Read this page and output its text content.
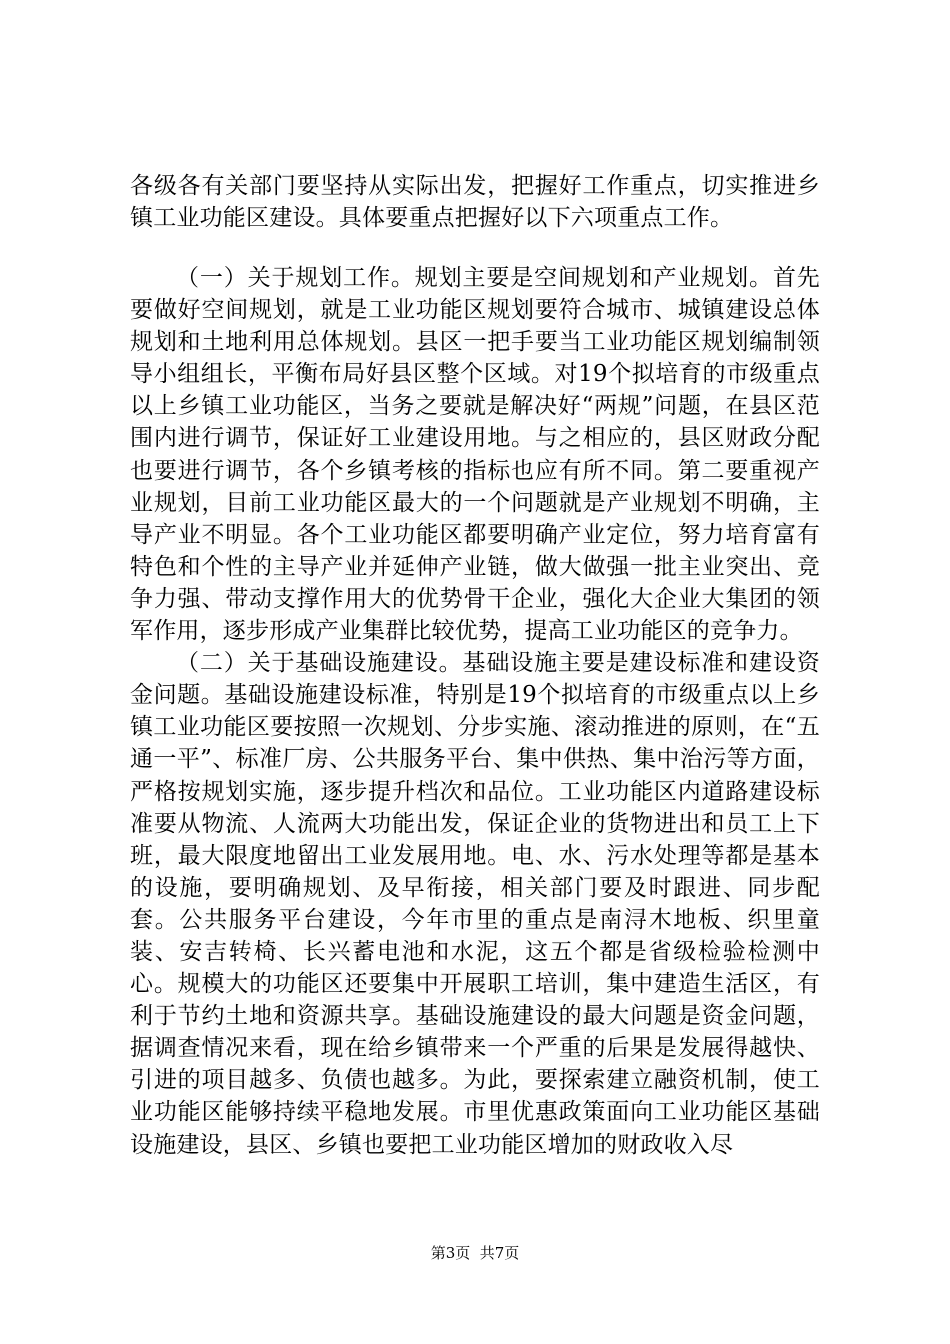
各级各有关部门要坚持从实际出发，把握好工作重点，切实推进乡镇工业功能区建设。具体要重点把握好以下六项重点工作。

（一）关于规划工作。规划主要是空间规划和产业规划。首先要做好空间规划，就是工业功能区规划要符合城市、城镇建设总体规划和土地利用总体规划。县区一把手要当工业功能区规划编制领导小组组长，平衡布局好县区整个区域。对19个拟培育的市级重点以上乡镇工业功能区，当务之要就是解决好“两规”问题，在县区范围内进行调节，保证好工业建设用地。与之相应的，县区财政分配也要进行调节，各个乡镇考核的指标也应有所不同。第二要重视产业规划，目前工业功能区最大的一个问题就是产业规划不明确，主导产业不明显。各个工业功能区都要明确产业定位，努力培育富有特色和个性的主导产业并延伸产业链，做大做强一批主业突出、竞争力强、带动支撑作用大的优势骨干企业，强化大企业大集团的领军作用，逐步形成产业集群比较优势，提高工业功能区的竞争力。
（二）关于基础设施建设。基础设施主要是建设标准和建设资金问题。基础设施建设标准，特别是19个拟培育的市级重点以上乡镇工业功能区要按照一次规划、分步实施、滚动推进的原则，在“五通一平”、标准厂房、公共服务平台、集中供热、集中治污等方面，严格按规划实施，逐步提升档次和品位。工业功能区内道路建设标准要从物流、人流两大功能出发，保证企业的货物进出和员工上下班，最大限度地留出工业发展用地。电、水、污水处理等都是基本的设施，要明确规划、及早衔接，相关部门要及时跟进、同步配套。公共服务平台建设，今年市里的重点是南浔木地板、织里童装、安吉转椅、长兴蓄电池和水泥，这五个都是省级检验检测中心。规模大的功能区还要集中开展职工培训，集中建造生活区，有利于节约土地和资源共享。基础设施建设的最大问题是资金问题，据调查情况来看，现在给乡镇带来一个严重的后果是发展得越快、引进的项目越多、负债也越多。为此，要探索建立融资机制，使工业功能区能够持续平稳地发展。市里优惠政策面向工业功能区基础设施建设，县区、乡镇也要把工业功能区增加的财政收入尽
第3页  共7页
